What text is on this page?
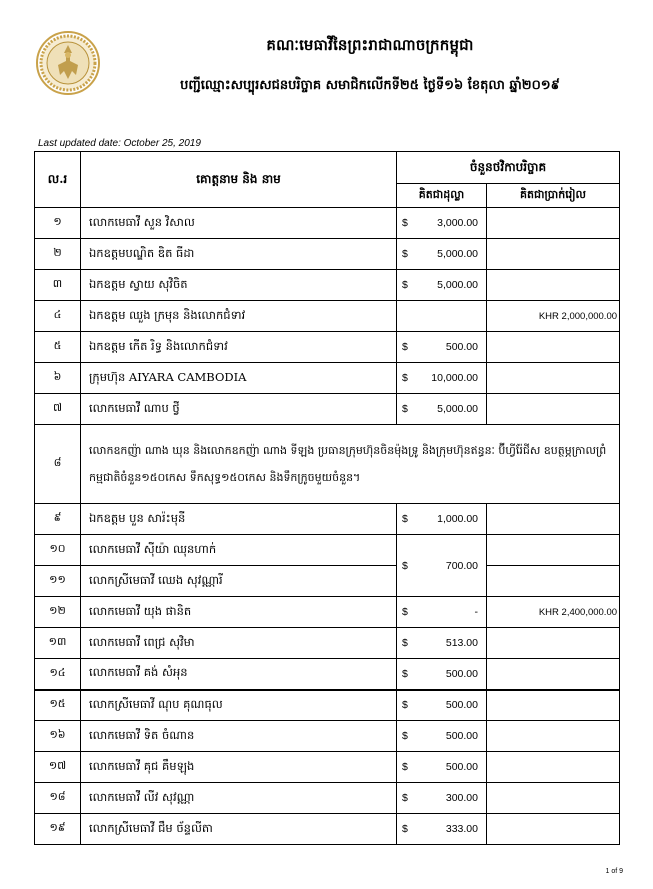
គណៈមេធាវីនៃព្រះរាជាណាចក្រកម្ពុជា
បញ្ជីឈ្មោះសប្បុរសជនបរិច្ចាគ សមាជិកលើកទី២៥ ថ្ងៃទី១៦ ខែតុលា ឆ្នាំ២០១៩
Last updated date: October 25, 2019
ល.រ	គោត្តនាម និង នាម	ចំនួនថវិកាបរិច្ចាគ	
		គិតជាដុល្លា	គិតជាប្រាក់រៀល
១	លោកមេធាវី សួន វិសាល	$ 3,000.00	

២	ឯកឧត្តមបណ្ឌិត ឌិត ធីដា	$ 5,000.00	

៣	ឯកឧត្តម ស្វាយ សុវិចិត	$ 5,000.00	

៤	ឯកឧត្តម ឈួង ក្រមុន និងលោកជំទាវ		KHR 2,000,000.00
៥	ឯកឧត្តម កើត រិទ្ធ និងលោកជំទាវ	$ 500.00	

៦	ក្រុមហ៊ុន AIYARA CAMBODIA	$ 10,000.00	

៧	លោកមេធាវី ណាប ថ្វី	$ 5,000.00	

៨	លោកឧកញ៉ា ណាង ឃុន និងលោកឧកញ៉ា ណាង ទីឡង ប្រធានក្រុមហ៊ុនចិនម៉ុងទ្រូ និងក្រុមហ៊ុនឥន្ធនៈ ប៊ីហ្វីរ៉ែជីស ឧបត្ថម្ភក្រាលព្រំកម្មជាតិចំនួន១៥០កេស ទឹកសុទ្ធ១៥០កេស និងទឹកក្រូចមួយចំនួន។		
៩	ឯកឧត្តម បួន សារ៉ះមុនី	$ 1,000.00	

១០	លោកមេធាវី ស៊ីយ៉ា ឈុនហាក់	$ 700.00	

១១	លោកស្រីមេធាវី ឈេង សុវណ្ណារី		
១២	លោកមេធាវី យុង ផានិត	$ -	KHR 2,400,000.00
១៣	លោកមេធាវី ពេជ្រ សុវិមា	$ 513.00	

១៤	លោកមេធាវី គង់ សំអុន	$ 500.00	

១៥	លោកស្រីមេធាវី ណុប គុណធុល	$ 500.00	

១៦	លោកមេធាវី ទិត ចំណាន	$ 500.00	

១៧	លោកមេធាវី គុជ គឹមឡុង	$ 500.00	

១៨	លោកមេធាវី លីវ សុវណ្ណា	$ 300.00	

១៩	លោកស្រីមេធាវី ជឹម ច័ន្ទលីតា	$ 333.00	

1 of 9
